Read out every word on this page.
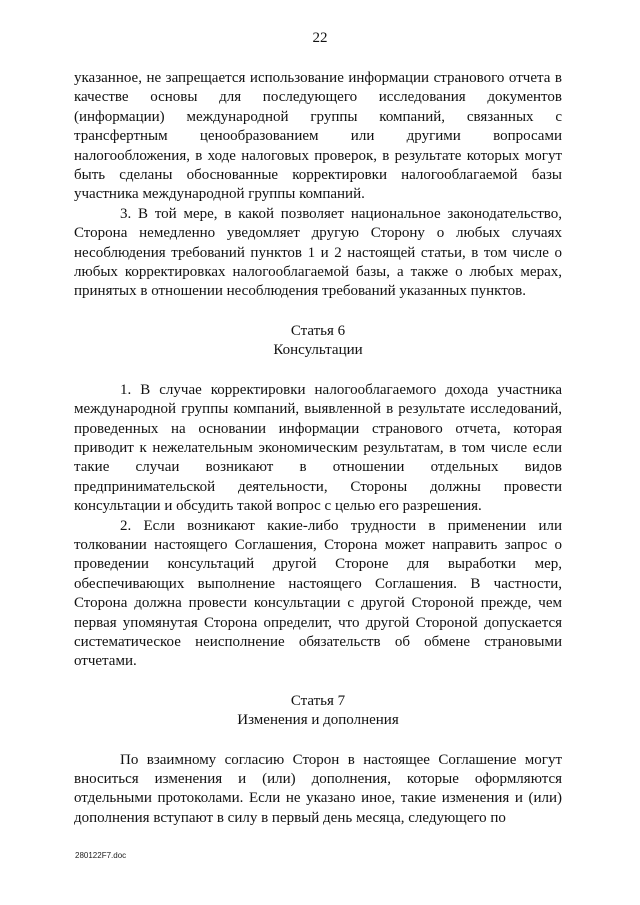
22

указанное, не запрещается использование информации странового отчета в качестве основы для последующего исследования документов (информации) международной группы компаний, связанных с трансфертным ценообразованием или другими вопросами налогообложения, в ходе налоговых проверок, в результате которых могут быть сделаны обоснованные корректировки налогооблагаемой базы участника международной группы компаний.

3. В той мере, в какой позволяет национальное законодательство, Сторона немедленно уведомляет другую Сторону о любых случаях несоблюдения требований пунктов 1 и 2 настоящей статьи, в том числе о любых корректировках налогооблагаемой базы, а также о любых мерах, принятых в отношении несоблюдения требований указанных пунктов.

Статья 6
Консультации

1. В случае корректировки налогооблагаемого дохода участника международной группы компаний, выявленной в результате исследований, проведенных на основании информации странового отчета, которая приводит к нежелательным экономическим результатам, в том числе если такие случаи возникают в отношении отдельных видов предпринимательской деятельности, Стороны должны провести консультации и обсудить такой вопрос с целью его разрешения.

2. Если возникают какие-либо трудности в применении или толковании настоящего Соглашения, Сторона может направить запрос о проведении консультаций другой Стороне для выработки мер, обеспечивающих выполнение настоящего Соглашения. В частности, Сторона должна провести консультации с другой Стороной прежде, чем первая упомянутая Сторона определит, что другой Стороной допускается систематическое неисполнение обязательств об обмене страновыми отчетами.

Статья 7
Изменения и дополнения

По взаимному согласию Сторон в настоящее Соглашение могут вноситься изменения и (или) дополнения, которые оформляются отдельными протоколами. Если не указано иное, такие изменения и (или) дополнения вступают в силу в первый день месяца, следующего по

280122F7.doc
